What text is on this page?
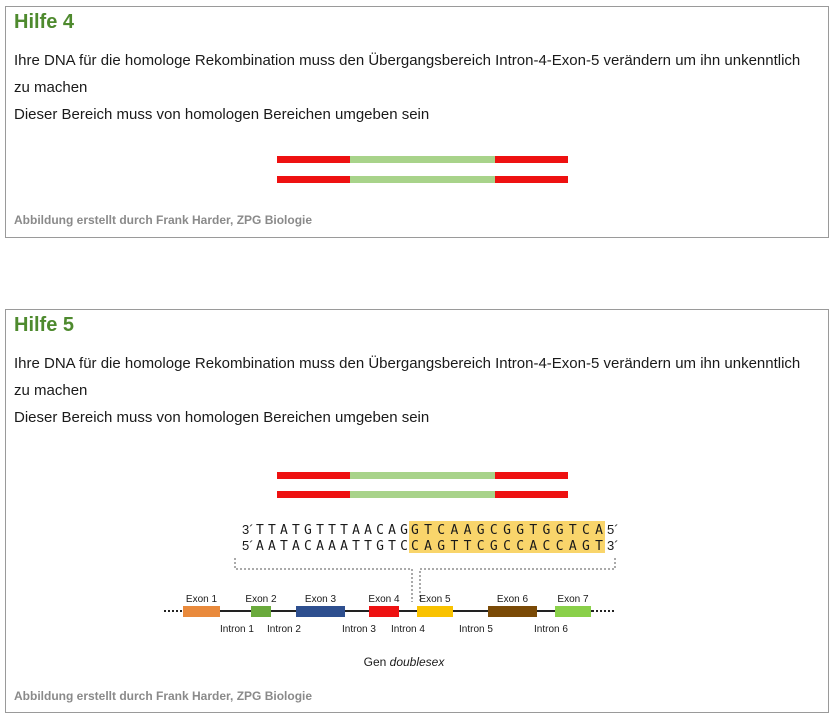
Hilfe 4

Ihre DNA für die homologe Rekombination muss den Übergangsbereich Intron-4-Exon-5 verändern um ihn unkenntlich zu machen

Dieser Bereich muss von homologen Bereichen umgeben sein

Abbildung erstellt durch Frank Harder, ZPG Biologie
Hilfe 5

Ihre DNA für die homologe Rekombination muss den Übergangsbereich Intron-4-Exon-5 verändern um ihn unkenntlich zu machen

Dieser Bereich muss von homologen Bereichen umgeben sein

3´ TTATGTTTAACAG GTCAAGCGGTGGTCA 5´
5´ AATACAAATTGTC CAGTTCGCCACCAGT 3´
Exon 1	Exon 2	Exon 3	Exon 4 Exon 5	Exon 6	Exon 7
Intron 1 Intron 2	Intron 3 Intron 4	Intron 5	Intron 6
Gen doublesex
Abbildung erstellt durch Frank Harder, ZPG Biologie
